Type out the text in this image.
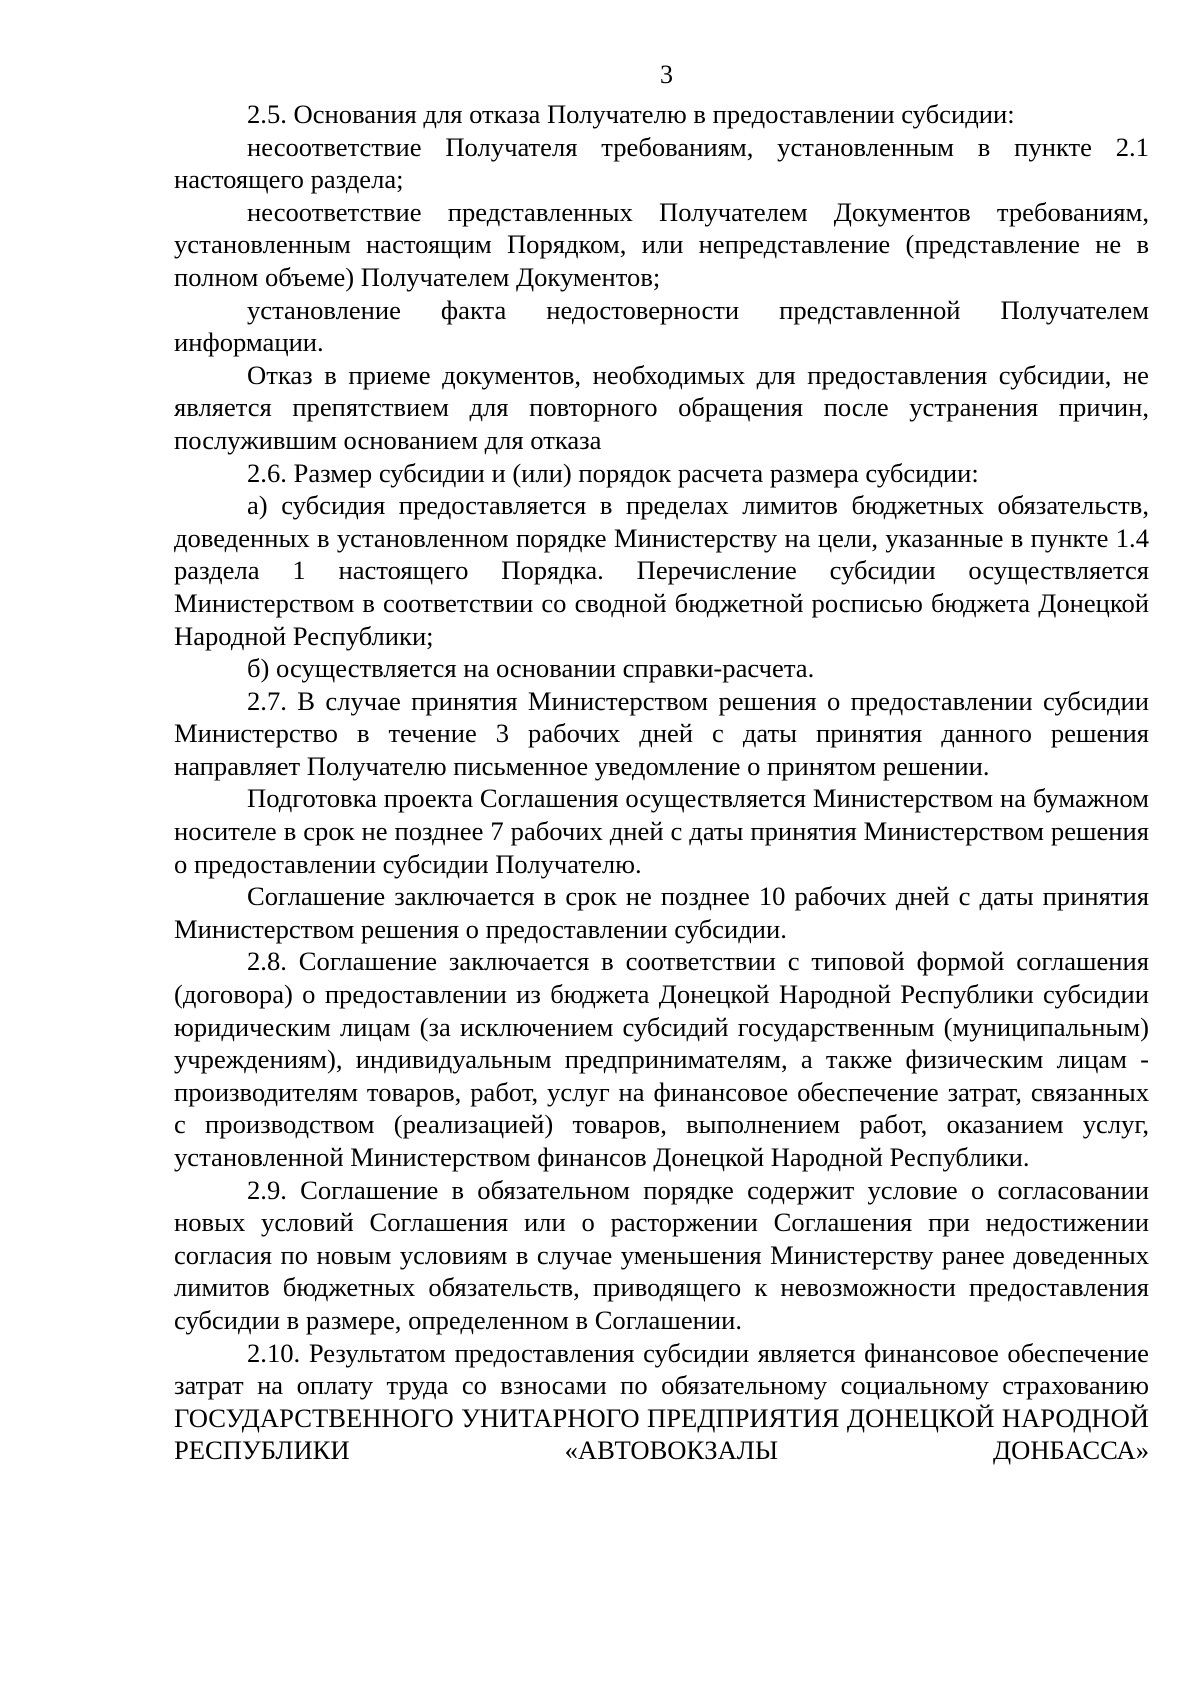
3

2.5. Основания для отказа Получателю в предоставлении субсидии:

несоответствие Получателя требованиям, установленным в пункте 2.1 настоящего раздела;

несоответствие представленных Получателем Документов требованиям, установленным настоящим Порядком, или непредставление (представление не в полном объеме) Получателем Документов;

установление факта недостоверности представленной Получателем информации.

Отказ в приеме документов, необходимых для предоставления субсидии, не является препятствием для повторного обращения после устранения причин, послужившим основанием для отказа

2.6. Размер субсидии и (или) порядок расчета размера субсидии:

а) субсидия предоставляется в пределах лимитов бюджетных обязательств, доведенных в установленном порядке Министерству на цели, указанные в пункте 1.4 раздела 1 настоящего Порядка. Перечисление субсидии осуществляется Министерством в соответствии со сводной бюджетной росписью бюджета Донецкой Народной Республики;

б) осуществляется на основании справки-расчета.

2.7. В случае принятия Министерством решения о предоставлении субсидии Министерство в течение 3 рабочих дней с даты принятия данного решения направляет Получателю письменное уведомление о принятом решении.

Подготовка проекта Соглашения осуществляется Министерством на бумажном носителе в срок не позднее 7 рабочих дней с даты принятия Министерством решения о предоставлении субсидии Получателю.

Соглашение заключается в срок не позднее 10 рабочих дней с даты принятия Министерством решения о предоставлении субсидии.

2.8. Соглашение заключается в соответствии с типовой формой соглашения (договора) о предоставлении из бюджета Донецкой Народной Республики субсидии юридическим лицам (за исключением субсидий государственным (муниципальным) учреждениям), индивидуальным предпринимателям, а также физическим лицам - производителям товаров, работ, услуг на финансовое обеспечение затрат, связанных с производством (реализацией) товаров, выполнением работ, оказанием услуг, установленной Министерством финансов Донецкой Народной Республики.

2.9. Соглашение в обязательном порядке содержит условие о согласовании новых условий Соглашения или о расторжении Соглашения при недостижении согласия по новым условиям в случае уменьшения Министерству ранее доведенных лимитов бюджетных обязательств, приводящего к невозможности предоставления субсидии в размере, определенном в Соглашении.

2.10. Результатом предоставления субсидии является финансовое обеспечение затрат на оплату труда со взносами по обязательному социальному страхованию ГОСУДАРСТВЕННОГО УНИТАРНОГО ПРЕДПРИЯТИЯ ДОНЕЦКОЙ НАРОДНОЙ РЕСПУБЛИКИ «АВТОВОКЗАЛЫ ДОНБАССА»
